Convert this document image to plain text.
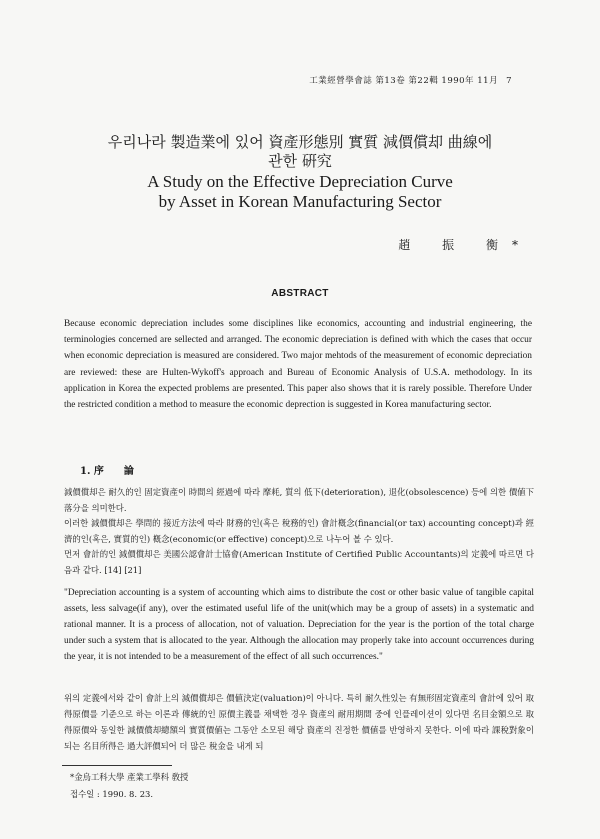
工業經營學會誌 第13卷 第22輯 1990年 11月 7
우리나라 製造業에 있어 資產形態別 實質 減價償却 曲線에
관한 硏究
A Study on the Effective Depreciation Curve
by Asset in Korean Manufacturing Sector
趙 振 衡*
ABSTRACT

Because economic depreciation includes some disciplines like economics, accounting and industrial engineering, the terminologies concerned are sellected and arranged. The economic depreciation is defined with which the cases that occur when economic depreciation is measured are considered. Two major mehtods of the measurement of economic depreciation are reviewed: these are Hulten-Wykoff's approach and Bureau of Economic Analysis of U.S.A. methodology. In its application in Korea the expected problems are presented. This paper also shows that it is rarely possible. Therefore Under the restricted condition a method to measure the economic deprection is suggested in Korea manufacturing sector.

1. 序　　論

減價償却은 耐久的인 固定資產이 時間의 經過에 따라 摩耗, 質의 低下(deterioration), 退化(obsolescence) 등에 의한 價値下落分을 의미한다.

이러한 減價償却은 學問的 接近方法에 따라 財務的인(혹은 稅務的인) 會計槪念(financial(or tax) accounting concept)과 經濟的인(혹은, 實質的인) 槪念(economic(or effective) concept)으로 나누어 볼 수 있다.

먼저 會計的인 減價償却은 美國公認會計士協會(American Institute of Certified Public Accountants)의 定義에 따르면 다음과 같다. [14] [21]

"Depreciation accounting is a system of accounting which aims to distribute the cost or other basic value of tangible capital assets, less salvage(if any), over the estimated useful life of the unit(which may be a group of assets) in a systematic and rational manner. It is a process of allocation, not of valuation. Depreciation for the year is the portion of the total charge under such a system that is allocated to the year. Although the allocation may properly take into account occurrences during the year, it is not intended to be a measurement of the effect of all such occurrences."

위의 定義에서와 같이 會計上의 減價償却은 價値決定(valuation)이 아니다. 특히 耐久性있는 有無形固定資產의 會計에 있어 取得原價를 기준으로 하는 이론과 傳統的인 原價主義를 채택한 경우 資產의 耐用期間 중에 인플레이션이 있다면 名目金額으로 取得原價와 동일한 減價償却總額의 實質價値는 그동안 소모된 해당 資產의 진정한 價値를 반영하지 못한다. 이에 따라 課稅對象이 되는 名目所得은 過大評價되어 더 많은 稅金을 내게 되

*金烏工科大學 產業工學科 敎授
접수일 : 1990. 8. 23.
